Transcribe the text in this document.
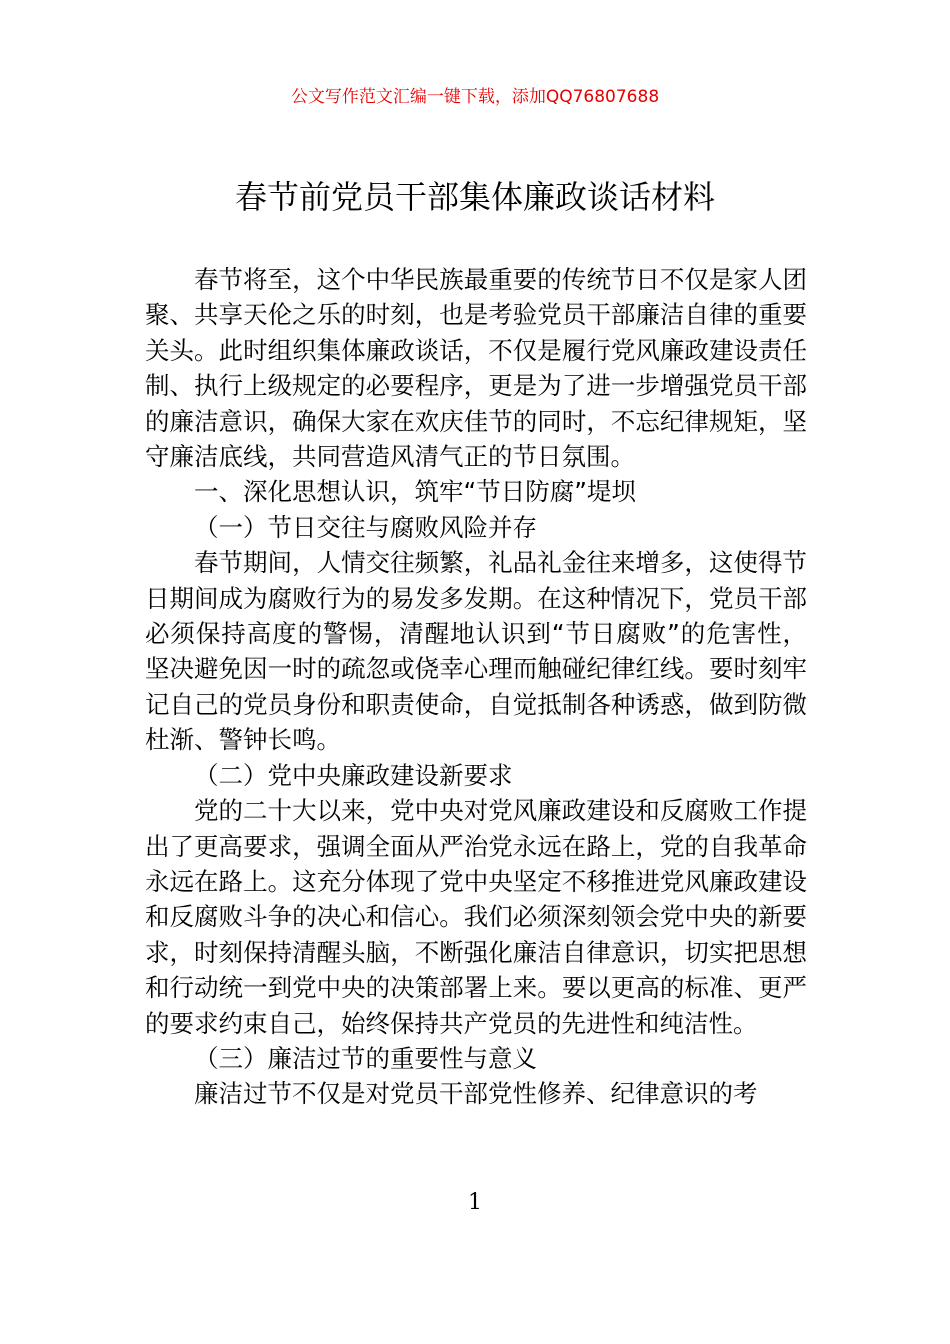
公文写作范文汇编一键下载，添加QQ76807688
春节前党员干部集体廉政谈话材料

春节将至，这个中华民族最重要的传统节日不仅是家人团聚、共享天伦之乐的时刻，也是考验党员干部廉洁自律的重要关头。此时组织集体廉政谈话，不仅是履行党风廉政建设责任制、执行上级规定的必要程序，更是为了进一步增强党员干部的廉洁意识，确保大家在欢庆佳节的同时，不忘纪律规矩，坚守廉洁底线，共同营造风清气正的节日氛围。

一、深化思想认识，筑牢“节日防腐”堤坝

（一）节日交往与腐败风险并存

春节期间，人情交往频繁，礼品礼金往来增多，这使得节日期间成为腐败行为的易发多发期。在这种情况下，党员干部必须保持高度的警惕，清醒地认识到“节日腐败”的危害性，坚决避免因一时的疏忽或侥幸心理而触碰纪律红线。要时刻牢记自己的党员身份和职责使命，自觉抵制各种诱惑，做到防微杜渐、警钟长鸣。

（二）党中央廉政建设新要求

党的二十大以来，党中央对党风廉政建设和反腐败工作提出了更高要求，强调全面从严治党永远在路上，党的自我革命永远在路上。这充分体现了党中央坚定不移推进党风廉政建设和反腐败斗争的决心和信心。我们必须深刻领会党中央的新要求，时刻保持清醒头脑，不断强化廉洁自律意识，切实把思想和行动统一到党中央的决策部署上来。要以更高的标准、更严的要求约束自己，始终保持共产党员的先进性和纯洁性。

（三）廉洁过节的重要性与意义

廉洁过节不仅是对党员干部党性修养、纪律意识的考

1
